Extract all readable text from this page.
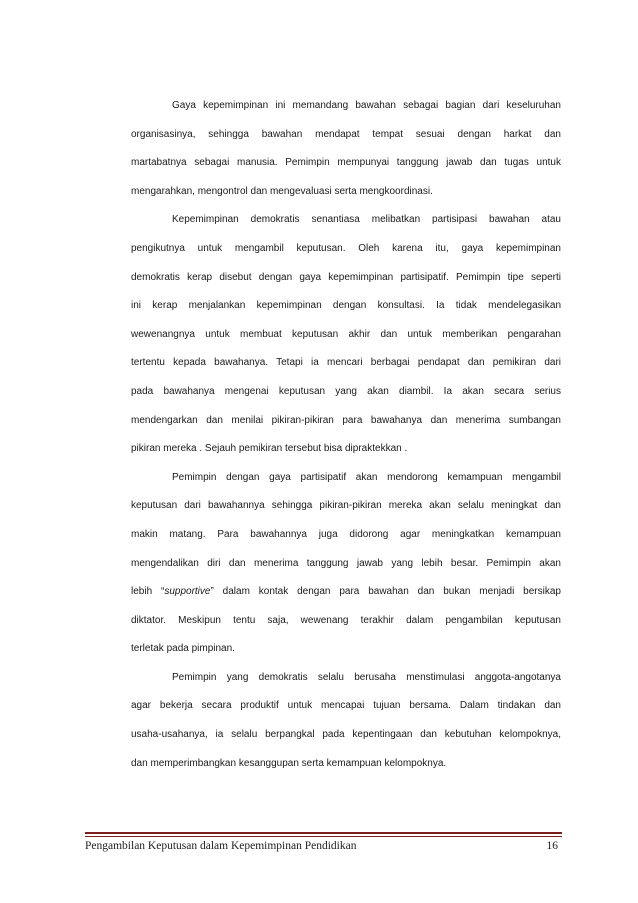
Gaya kepemimpinan ini memandang bawahan sebagai bagian dari keseluruhan
organisasinya, sehingga bawahan mendapat tempat sesuai dengan harkat dan
martabatnya sebagai manusia. Pemimpin mempunyai tanggung jawab dan tugas untuk
mengarahkan, mengontrol dan mengevaluasi serta mengkoordinasi.
Kepemimpinan demokratis senantiasa melibatkan partisipasi bawahan atau
pengikutnya untuk mengambil keputusan. Oleh karena itu, gaya kepemimpinan
demokratis kerap disebut dengan gaya kepemimpinan partisipatif. Pemimpin tipe seperti
ini kerap menjalankan kepemimpinan dengan konsultasi. Ia tidak mendelegasikan
wewenangnya untuk membuat keputusan akhir dan untuk memberikan pengarahan
tertentu kepada bawahanya. Tetapi ia mencari berbagai pendapat dan pemikiran dari
pada bawahanya mengenai keputusan yang akan diambil. Ia akan secara serius
mendengarkan dan menilai pikiran-pikiran para bawahanya dan menerima sumbangan
pikiran mereka . Sejauh pemikiran tersebut bisa dipraktekkan .
Pemimpin dengan gaya partisipatif akan mendorong kemampuan mengambil
keputusan dari bawahannya sehingga pikiran-pikiran mereka akan selalu meningkat dan
makin matang. Para bawahannya juga didorong agar meningkatkan kemampuan
mengendalikan diri dan menerima tanggung jawab yang lebih besar. Pemimpin akan
lebih “supportive” dalam kontak dengan para bawahan dan bukan menjadi bersikap
diktator. Meskipun tentu saja, wewenang terakhir dalam pengambilan keputusan
terletak pada pimpinan.
Pemimpin yang demokratis selalu berusaha menstimulasi anggota-angotanya
agar bekerja secara produktif untuk mencapai tujuan bersama. Dalam tindakan dan
usaha-usahanya, ia selalu berpangkal pada kepentingaan dan kebutuhan kelompoknya,
dan memperimbangkan kesanggupan serta kemampuan kelompoknya.
Pengambilan Keputusan dalam Kepemimpinan Pendidikan	16
